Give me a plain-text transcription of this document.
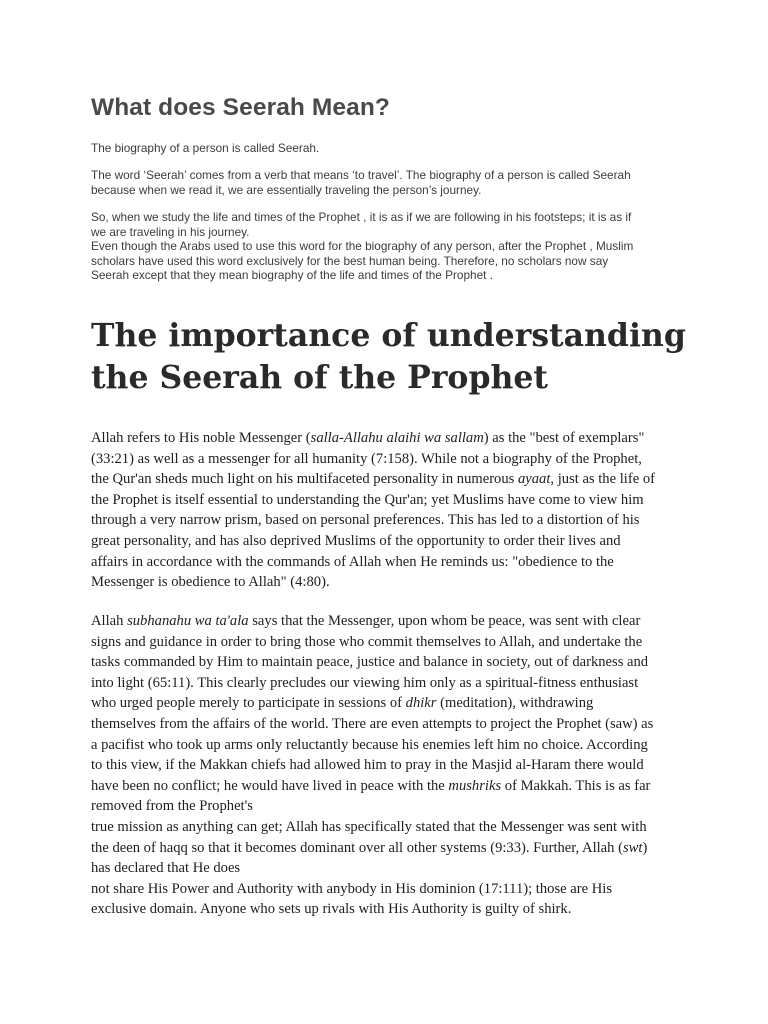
What does Seerah Mean?

The biography of a person is called Seerah.

The word ‘Seerah’ comes from a verb that means ‘to travel’. The biography of a person is called Seerah
because when we read it, we are essentially traveling the person’s journey.

So, when we study the life and times of the Prophet , it is as if we are following in his footsteps; it is as if
we are traveling in his journey.
Even though the Arabs used to use this word for the biography of any person, after the Prophet , Muslim
scholars have used this word exclusively for the best human being. Therefore, no scholars now say
Seerah except that they mean biography of the life and times of the Prophet .

The importance of understanding
the Seerah of the Prophet
Allah refers to His noble Messenger (salla-Allahu alaihi wa sallam) as the "best of exemplars"
(33:21) as well as a messenger for all humanity (7:158). While not a biography of the Prophet,
the Qur'an sheds much light on his multifaceted personality in numerous ayaat, just as the life of
the Prophet is itself essential to understanding the Qur'an; yet Muslims have come to view him
through a very narrow prism, based on personal preferences. This has led to a distortion of his
great personality, and has also deprived Muslims of the opportunity to order their lives and
affairs in accordance with the commands of Allah when He reminds us: "obedience to the
Messenger is obedience to Allah" (4:80).
Allah subhanahu wa ta'ala says that the Messenger, upon whom be peace, was sent with clear
signs and guidance in order to bring those who commit themselves to Allah, and undertake the
tasks commanded by Him to maintain peace, justice and balance in society, out of darkness and
into light (65:11). This clearly precludes our viewing him only as a spiritual-fitness enthusiast
who urged people merely to participate in sessions of dhikr (meditation), withdrawing
themselves from the affairs of the world. There are even attempts to project the Prophet (saw) as
a pacifist who took up arms only reluctantly because his enemies left him no choice. According
to this view, if the Makkan chiefs had allowed him to pray in the Masjid al-Haram there would
have been no conflict; he would have lived in peace with the mushriks of Makkah. This is as far
removed from the Prophet's
true mission as anything can get; Allah has specifically stated that the Messenger was sent with
the deen of haqq so that it becomes dominant over all other systems (9:33). Further, Allah (swt)
has declared that He does
not share His Power and Authority with anybody in His dominion (17:111); those are His
exclusive domain. Anyone who sets up rivals with His Authority is guilty of shirk.
